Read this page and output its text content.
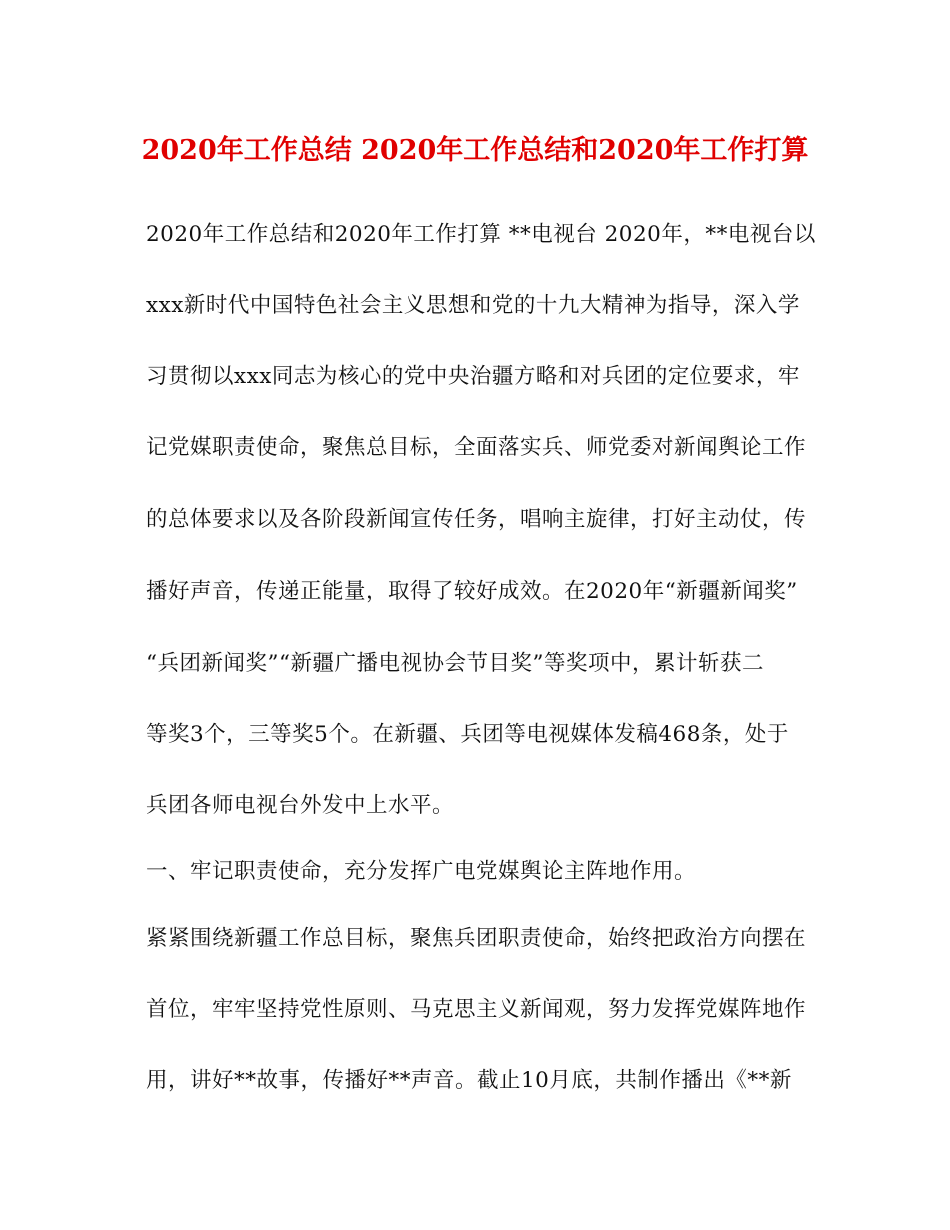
2020年工作总结 2020年工作总结和2020年工作打算
2020年工作总结和2020年工作打算 **电视台 2020年，**电视台以
xxx新时代中国特色社会主义思想和党的十九大精神为指导，深入学
习贯彻以xxx同志为核心的党中央治疆方略和对兵团的定位要求，牢
记党媒职责使命，聚焦总目标，全面落实兵、师党委对新闻舆论工作
的总体要求以及各阶段新闻宣传任务，唱响主旋律，打好主动仗，传
播好声音，传递正能量，取得了较好成效。在2020年“新疆新闻奖”
“兵团新闻奖”“新疆广播电视协会节目奖”等奖项中，累计斩获二
等奖3个，三等奖5个。在新疆、兵团等电视媒体发稿468条，处于
兵团各师电视台外发中上水平。
一、牢记职责使命，充分发挥广电党媒舆论主阵地作用。
紧紧围绕新疆工作总目标，聚焦兵团职责使命，始终把政治方向摆在
首位，牢牢坚持党性原则、马克思主义新闻观，努力发挥党媒阵地作
用，讲好**故事，传播好**声音。截止10月底，共制作播出《**新
